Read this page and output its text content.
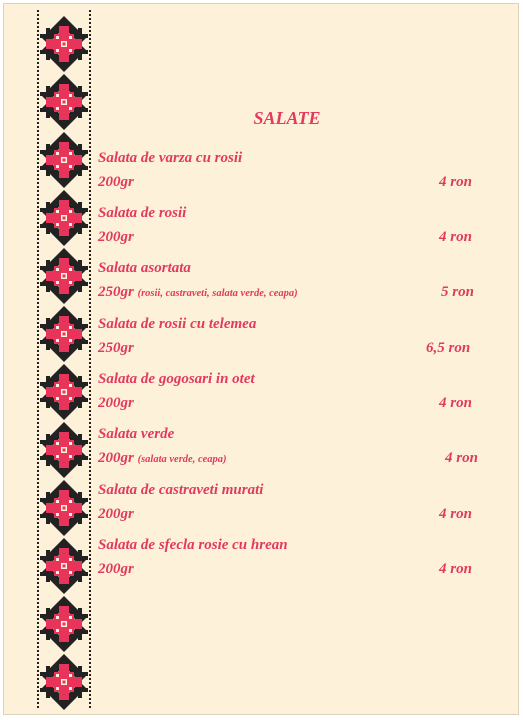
SALATE
Salata de varza cu rosii
200gr	4 ron
Salata de rosii
200gr	4 ron
Salata asortata
250gr (rosii, castraveti, salata verde, ceapa)	5 ron
Salata de rosii cu telemea
250gr	6,5 ron
Salata de gogosari in otet
200gr	4 ron
Salata verde
200gr (salata verde, ceapa)	4 ron
Salata de castraveti murati
200gr	4 ron
Salata de sfecla rosie cu hrean
200gr	4 ron
